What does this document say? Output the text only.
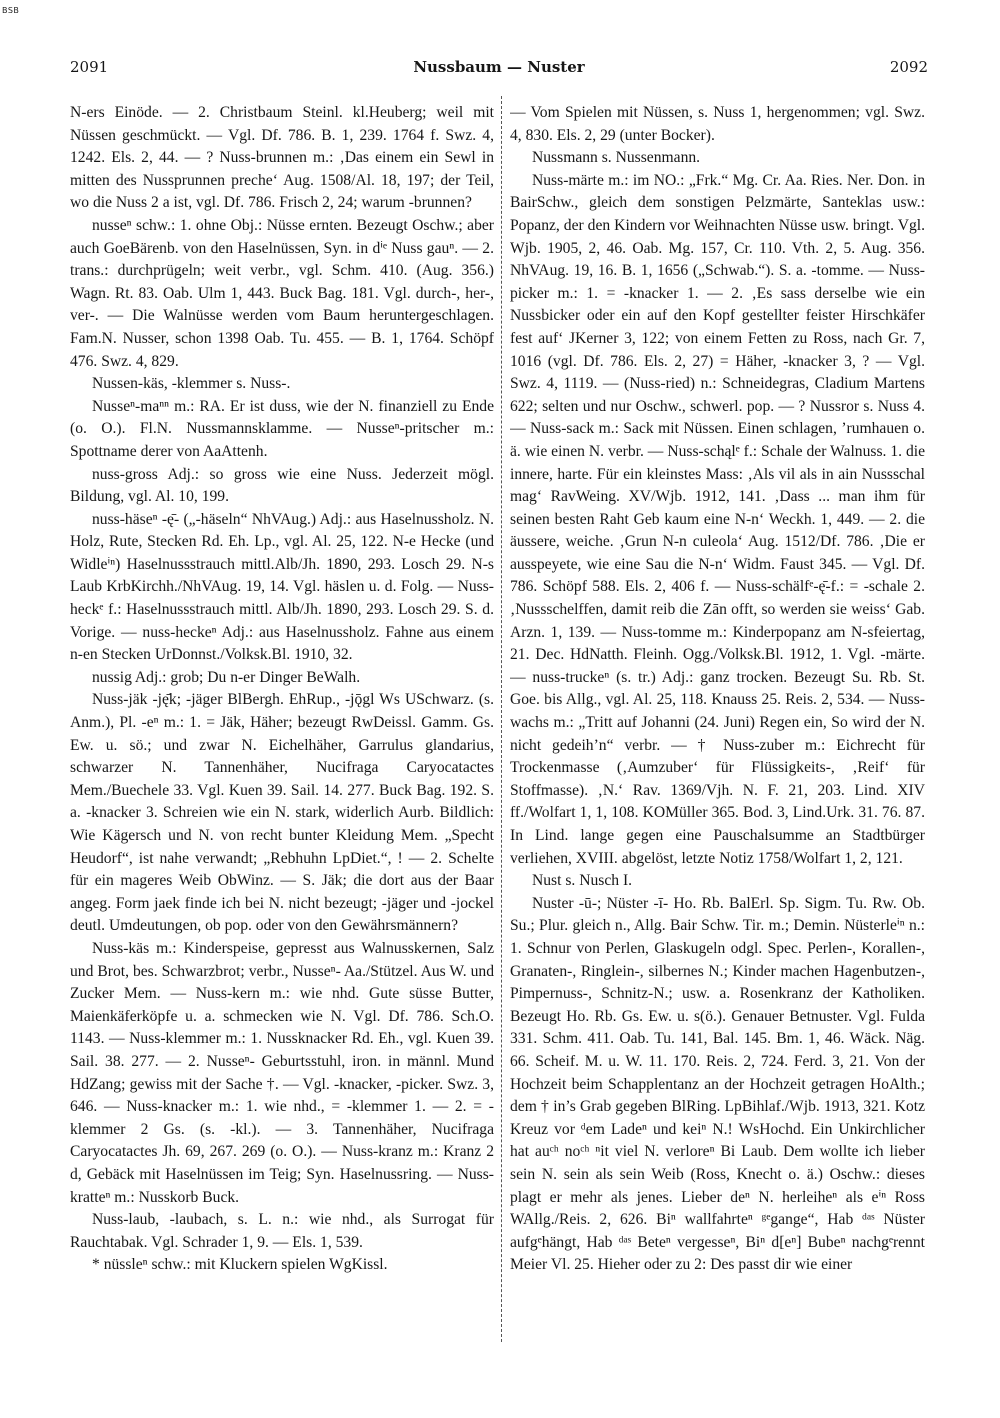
BSB
2091	Nussbaum — Nuster	2092

N-ers Einöde. — 2. Christbaum Steinl. kl.Heuberg; weil mit Nüssen geschmückt. — Vgl. Df. 786. B. 1, 239. 1764 f. Swz. 4, 1242. Els. 2, 44. — ? Nuss-brunnen m.: ‚Das einem ein Sewl in mitten des Nussprunnen preche‘ Aug. 1508/Al. 18, 197; der Teil, wo die Nuss 2 a ist, vgl. Df. 786. Frisch 2, 24; warum -brunnen?

nusseⁿ schw.: 1. ohne Obj.: Nüsse ernten. Bezeugt Oschw.; aber auch GoeBärenb. von den Haselnüssen, Syn. in dⁱᵉ Nuss gauⁿ. — 2. trans.: durchprügeln; weit verbr., vgl. Schm. 410. (Aug. 356.) Wagn. Rt. 83. Oab. Ulm 1, 443. Buck Bag. 181. Vgl. durch-, her-, ver-. — Die Walnüsse werden vom Baum heruntergeschlagen. Fam.N. Nusser, schon 1398 Oab. Tu. 455. — B. 1, 1764. Schöpf 476. Swz. 4, 829.

Nussen-käs, -klemmer s. Nuss-.

Nusseⁿ-maⁿⁿ m.: RA. Er ist duss, wie der N. finanziell zu Ende (o. O.). Fl.N. Nussmannsklamme. — Nusseⁿ-pritscher m.: Spottname derer von AaAttenh.

nuss-gross Adj.: so gross wie eine Nuss. Jederzeit mögl. Bildung, vgl. Al. 10, 199.

nuss-häseⁿ -ę̄- („-häseln“ NhVAug.) Adj.: aus Haselnussholz. N. Holz, Rute, Stecken Rd. Eh. Lp., vgl. Al. 25, 122. N-e Hecke (und Widleⁱⁿ) Haselnussstrauch mittl.Alb/Jh. 1890, 293. Losch 29. N-s Laub KrbKirchh./NhVAug. 19, 14. Vgl. häslen u. d. Folg. — Nuss-heckᵉ f.: Haselnussstrauch mittl. Alb/Jh. 1890, 293. Losch 29. S. d. Vorige. — nuss-heckeⁿ Adj.: aus Haselnussholz. Fahne aus einem n-en Stecken UrDonnst./Volksk.Bl. 1910, 32.

nussig Adj.: grob; Du n-er Dinger BeWalh.

Nuss-jäk -ję̄k; -jäger BlBergh. EhRup., -jǭgl Ws USchwarz. (s. Anm.), Pl. -eⁿ m.: 1. = Jäk, Häher; bezeugt RwDeissl. Gamm. Gs. Ew. u. sö.; und zwar N. Eichelhäher, Garrulus glandarius, schwarzer N. Tannenhäher, Nucifraga Caryocatactes Mem./Buechele 33. Vgl. Kuen 39. Sail. 14. 277. Buck Bag. 192. S. a. -knacker 3. Schreien wie ein N. stark, widerlich Aurb. Bildlich: Wie Kägersch und N. von recht bunter Kleidung Mem. „Specht Heudorf“, ist nahe verwandt; „Rebhuhn LpDiet.“, ! — 2. Schelte für ein mageres Weib ObWinz. — S. Jäk; die dort aus der Baar angeg. Form jaek finde ich bei N. nicht bezeugt; -jäger und -jockel deutl. Umdeutungen, ob pop. oder von den Gewährsmännern?

Nuss-käs m.: Kinderspeise, gepresst aus Walnusskernen, Salz und Brot, bes. Schwarzbrot; verbr., Nusseⁿ- Aa./Stützel. Aus W. und Zucker Mem. — Nuss-kern m.: wie nhd. Gute süsse Butter, Maienkäferköpfe u. a. schmecken wie N. Vgl. Df. 786. Sch.O. 1143. — Nuss-klemmer m.: 1. Nussknacker Rd. Eh., vgl. Kuen 39. Sail. 38. 277. — 2. Nusseⁿ- Geburtsstuhl, iron. in männl. Mund HdZang; gewiss mit der Sache †. — Vgl. -knacker, -picker. Swz. 3, 646. — Nuss-knacker m.: 1. wie nhd., = -klemmer 1. — 2. = -klemmer 2 Gs. (s. -kl.). — 3. Tannenhäher, Nucifraga Caryocatactes Jh. 69, 267. 269 (o. O.). — Nuss-kranz m.: Kranz 2 d, Gebäck mit Haselnüssen im Teig; Syn. Haselnussring. — Nuss-kratteⁿ m.: Nusskorb Buck.

Nuss-laub, -laubach, s. L. n.: wie nhd., als Surrogat für Rauchtabak. Vgl. Schrader 1, 9. — Els. 1, 539.

* nüssleⁿ schw.: mit Kluckern spielen WgKissl.

— Vom Spielen mit Nüssen, s. Nuss 1, hergenommen; vgl. Swz. 4, 830. Els. 2, 29 (unter Bocker).

Nussmann s. Nussenmann.

Nuss-märte m.: im NO.: „Frk.“ Mg. Cr. Aa. Ries. Ner. Don. in BairSchw., gleich dem sonstigen Pelzmärte, Santeklas usw.: Popanz, der den Kindern vor Weihnachten Nüsse usw. bringt. Vgl. Wjb. 1905, 2, 46. Oab. Mg. 157, Cr. 110. Vth. 2, 5. Aug. 356. NhVAug. 19, 16. B. 1, 1656 („Schwab.“). S. a. -tomme. — Nuss-picker m.: 1. = -knacker 1. — 2. ‚Es sass derselbe wie ein Nussbicker oder ein auf den Kopf gestellter feister Hirschkäfer fest auf‘ JKerner 3, 122; von einem Fetten zu Ross, nach Gr. 7, 1016 (vgl. Df. 786. Els. 2, 27) = Häher, -knacker 3, ? — Vgl. Swz. 4, 1119. — (Nuss-ried) n.: Schneidegras, Cladium Martens 622; selten und nur Oschw., schwerl. pop. — ? Nussror s. Nuss 4. — Nuss-sack m.: Sack mit Nüssen. Einen schlagen, ’rumhauen o. ä. wie einen N. verbr. — Nuss-schąlᵉ f.: Schale der Walnuss. 1. die innere, harte. Für ein kleinstes Mass: ‚Als vil als in ain Nussschal mag‘ RavWeing. XV/Wjb. 1912, 141. ‚Dass ... man ihm für seinen besten Raht Geb kaum eine N-n‘ Weckh. 1, 449. — 2. die äussere, weiche. ‚Grun N-n culeola‘ Aug. 1512/Df. 786. ‚Die er ausspeyete, wie eine Sau die N-n‘ Widm. Faust 345. — Vgl. Df. 786. Schöpf 588. Els. 2, 406 f. — Nuss-schälfᵉ-ę̄-f.: = -schale 2. ‚Nussschelffen, damit reib die Zān offt, so werden sie weiss‘ Gab. Arzn. 1, 139. — Nuss-tomme m.: Kinderpopanz am N-sfeiertag, 21. Dec. HdNatth. Fleinh. Ogg./Volksk.Bl. 1912, 1. Vgl. -märte. — nuss-truckeⁿ (s. tr.) Adj.: ganz trocken. Bezeugt Su. Rb. St. Goe. bis Allg., vgl. Al. 25, 118. Knauss 25. Reis. 2, 534. — Nuss-wachs m.: „Tritt auf Johanni (24. Juni) Regen ein, So wird der N. nicht gedeih’n“ verbr. — † Nuss-zuber m.: Eichrecht für Trockenmasse (‚Aumzuber‘ für Flüssigkeits-, ‚Reif‘ für Stoffmasse). ‚N.‘ Rav. 1369/Vjh. N. F. 21, 203. Lind. XIV ff./Wolfart 1, 1, 108. KOMüller 365. Bod. 3, Lind.Urk. 31. 76. 87. In Lind. lange gegen eine Pauschalsumme an Stadtbürger verliehen, XVIII. abgelöst, letzte Notiz 1758/Wolfart 1, 2, 121.

Nust s. Nusch I.

Nuster -ū-; Nüster -ī- Ho. Rb. BalErl. Sp. Sigm. Tu. Rw. Ob. Su.; Plur. gleich n., Allg. Bair Schw. Tir. m.; Demin. Nüsterleⁱⁿ n.: 1. Schnur von Perlen, Glaskugeln odgl. Spec. Perlen-, Korallen-, Granaten-, Ringlein-, silbernes N.; Kinder machen Hagenbutzen-, Pimpernuss-, Schnitz-N.; usw. a. Rosenkranz der Katholiken. Bezeugt Ho. Rb. Gs. Ew. u. s(ö.). Genauer Betnuster. Vgl. Fulda 331. Schm. 411. Oab. Tu. 141, Bal. 145. Bm. 1, 46. Wäck. Näg. 66. Scheif. M. u. W. 11. 170. Reis. 2, 724. Ferd. 3, 21. Von der Hochzeit beim Schapplentanz an der Hochzeit getragen HoAlth.; dem † in’s Grab gegeben BlRing. LpBihlaf./Wjb. 1913, 321. Kotz Kreuz vor ᵈem Ladeⁿ und keiⁿ N.! WsHochd. Ein Unkirchlicher hat auᶜʰ noᶜʰ ⁿit viel N. verloreⁿ Bi Laub. Dem wollte ich lieber sein N. sein als sein Weib (Ross, Knecht o. ä.) Oschw.: dieses plagt er mehr als jenes. Lieber deⁿ N. herleiheⁿ als eⁱⁿ Ross WAllg./Reis. 2, 626. Biⁿ wallfahrteⁿ ᵍᵉgange“, Hab ᵈᵃˢ Nüster aufgᵉhängt, Hab ᵈᵃˢ Beteⁿ vergesseⁿ, Biⁿ d[eⁿ] Bubeⁿ nachgᵉrennt Meier Vl. 25. Hieher oder zu 2: Des passt dir wie einer
